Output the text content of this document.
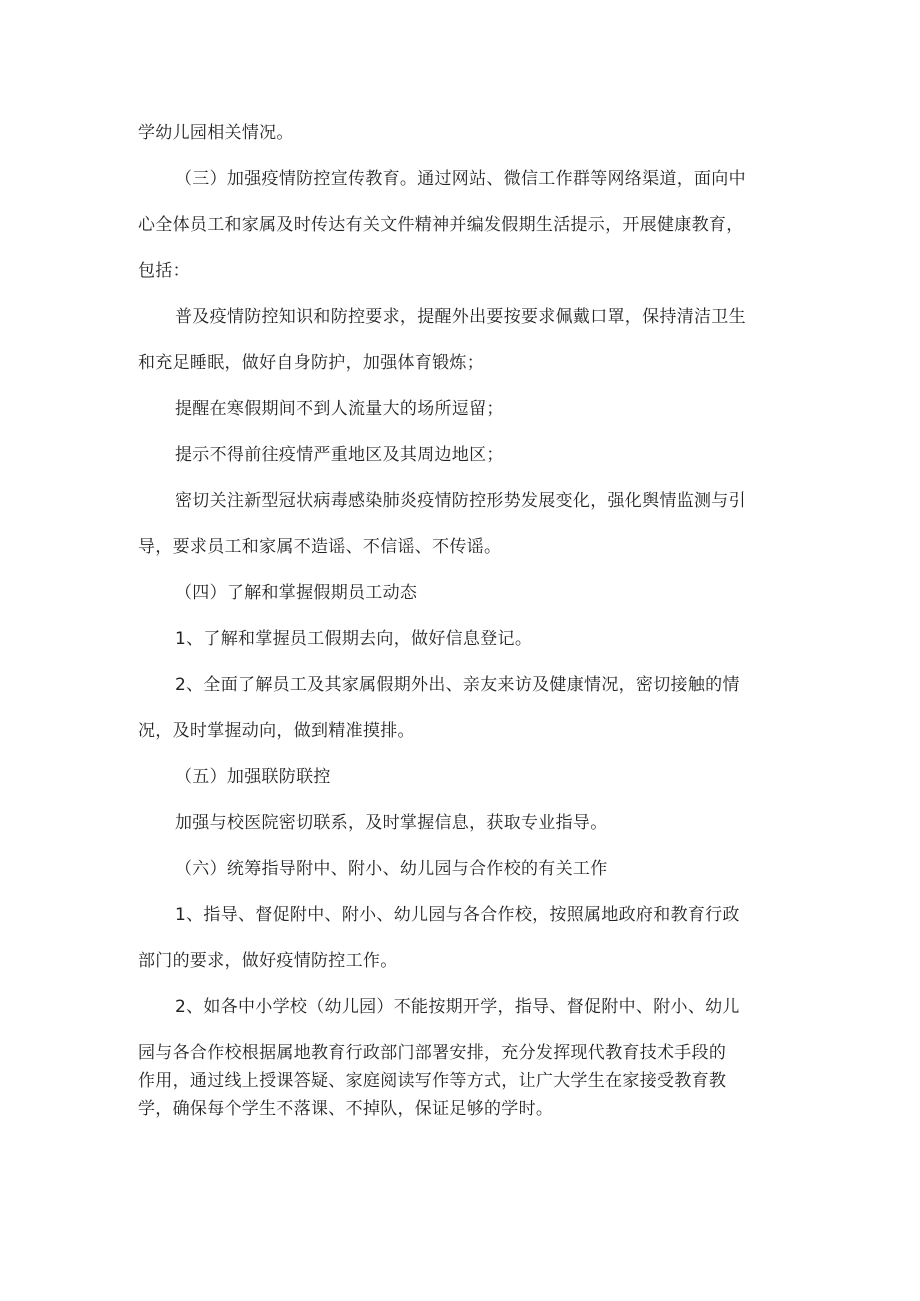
学幼儿园相关情况。
（三）加强疫情防控宣传教育。通过网站、微信工作群等网络渠道，面向中
心全体员工和家属及时传达有关文件精神并编发假期生活提示，开展健康教育，
包括：
普及疫情防控知识和防控要求，提醒外出要按要求佩戴口罩，保持清洁卫生
和充足睡眠，做好自身防护，加强体育锻炼；
提醒在寒假期间不到人流量大的场所逗留；
提示不得前往疫情严重地区及其周边地区；
密切关注新型冠状病毒感染肺炎疫情防控形势发展变化，强化舆情监测与引
导，要求员工和家属不造谣、不信谣、不传谣。
（四）了解和掌握假期员工动态
1、了解和掌握员工假期去向，做好信息登记。
2、全面了解员工及其家属假期外出、亲友来访及健康情况，密切接触的情
况，及时掌握动向，做到精准摸排。
（五）加强联防联控
加强与校医院密切联系，及时掌握信息，获取专业指导。
（六）统筹指导附中、附小、幼儿园与合作校的有关工作
1、指导、督促附中、附小、幼儿园与各合作校，按照属地政府和教育行政
部门的要求，做好疫情防控工作。
2、如各中小学校（幼儿园）不能按期开学，指导、督促附中、附小、幼儿
园与各合作校根据属地教育行政部门部署安排，充分发挥现代教育技术手段的
作用，通过线上授课答疑、家庭阅读写作等方式，让广大学生在家接受教育教
学，确保每个学生不落课、不掉队，保证足够的学时。
